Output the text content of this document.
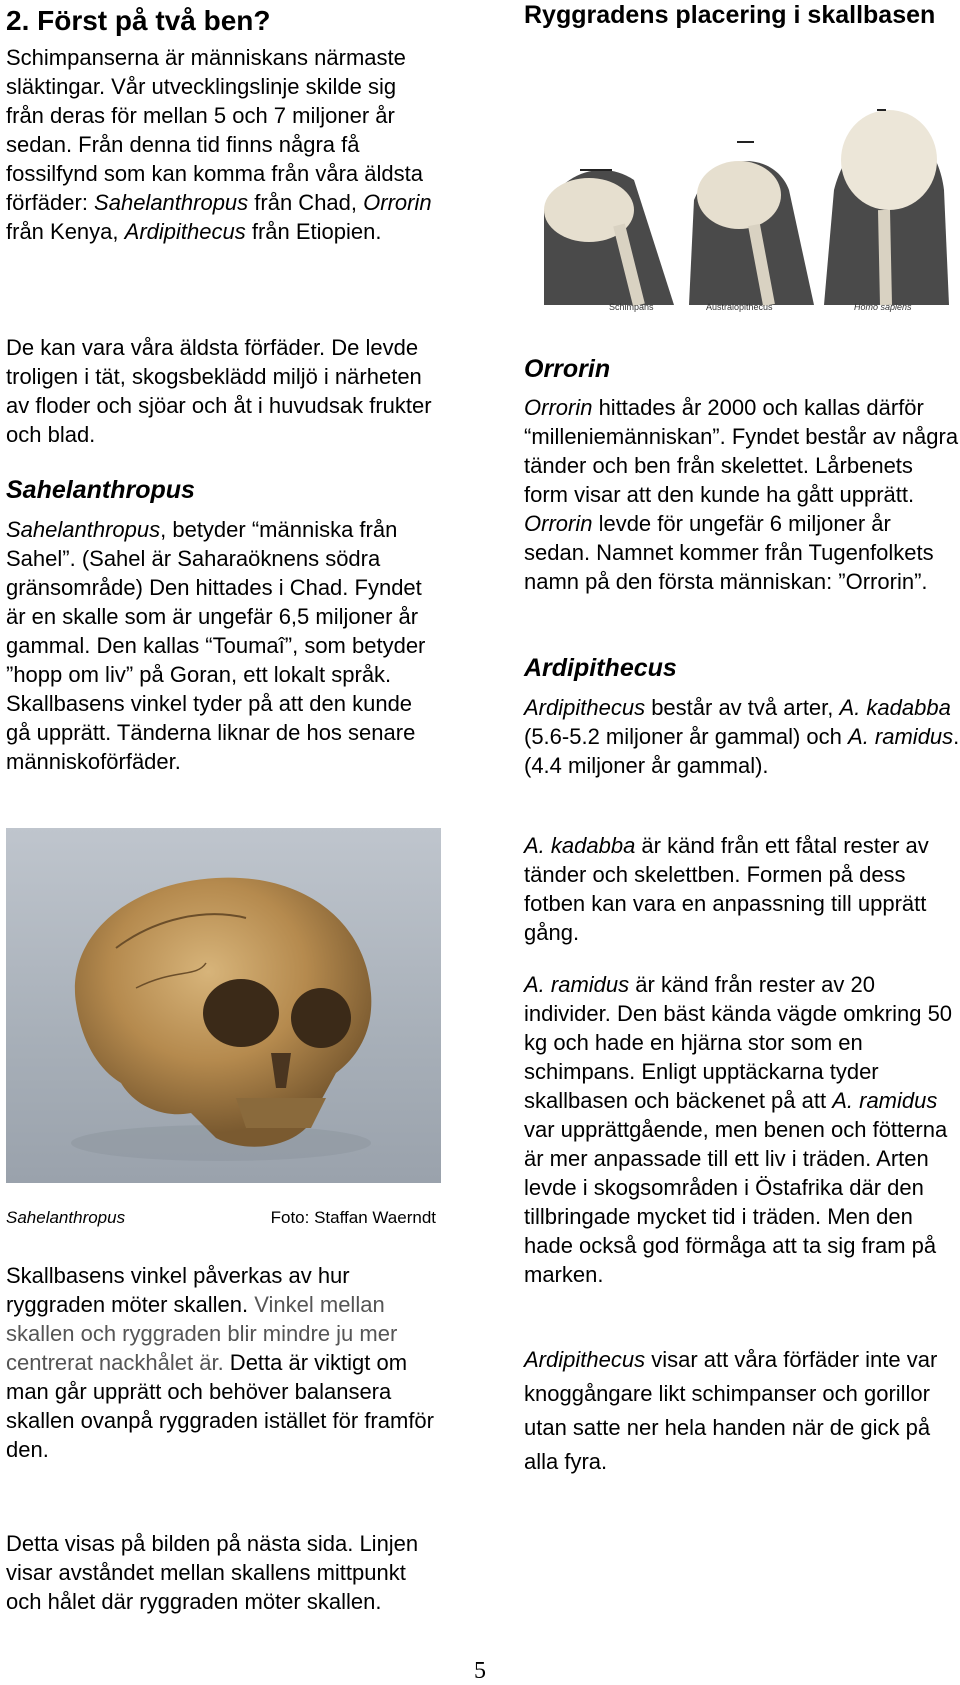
2. Först på två ben?

Schimpanserna är människans närmaste släktingar. Vår utvecklingslinje skilde sig från deras för mellan 5 och 7 miljoner år sedan. Från denna tid finns några få fossilfynd som kan komma från våra äldsta förfäder: Sahelanthropus från Chad, Orrorin från Kenya, Ardipithecus från Etiopien.

De kan vara våra äldsta förfäder. De levde troligen i tät, skogsbeklädd miljö i närheten av floder och sjöar och åt i huvudsak frukter och blad.

Sahelanthropus

Sahelanthropus, betyder “människa från Sahel”. (Sahel är Saharaöknens södra gränsområde) Den hittades i Chad. Fyndet är en skalle som är ungefär 6,5 miljoner år gammal. Den kallas “Toumaî”, som betyder ”hopp om liv” på Goran, ett lokalt språk. Skallbasens vinkel tyder på att den kunde gå upprätt. Tänderna liknar de hos senare människoförfäder.

Sahelanthropus	Foto: Staffan Waerndt

Skallbasens vinkel påverkas av hur ryggraden möter skallen. Vinkel mellan skallen och ryggraden blir mindre ju mer centrerat nackhålet är. Detta är viktigt om man går upprätt och behöver balansera skallen ovanpå ryggraden istället för framför den.

Detta visas på bilden på nästa sida. Linjen visar avståndet mellan skallens mittpunkt och hålet där ryggraden möter skallen.

Ryggradens placering i skallbasen
Schimpans	Australopithecus	Homo sapiens
Orrorin

Orrorin hittades år 2000 och kallas därför “milleniemänniskan”. Fyndet består av några tänder och ben från skelettet. Lårbenets form visar att den kunde ha gått upprätt. Orrorin levde för ungefär 6 miljoner år sedan. Namnet kommer från Tugenfolkets namn på den första människan: ”Orrorin”.

Ardipithecus

Ardipithecus består av två arter, A. kadabba (5.6-5.2 miljoner år gammal) och A. ramidus. (4.4 miljoner år gammal).

A. kadabba är känd från ett fåtal rester av tänder och skelettben. Formen på dess fotben kan vara en anpassning till upprätt gång.

A. ramidus är känd från rester av 20 individer. Den bäst kända vägde omkring 50 kg och hade en hjärna stor som en schimpans. Enligt upptäckarna tyder skallbasen och bäckenet på att A. ramidus var upprättgående, men benen och fötterna är mer anpassade till ett liv i träden. Arten levde i skogsområden i Östafrika där den tillbringade mycket tid i träden. Men den hade också god förmåga att ta sig fram på marken.

Ardipithecus visar att våra förfäder inte var knoggångare likt schimpanser och gorillor utan satte ner hela handen när de gick på alla fyra.

5
